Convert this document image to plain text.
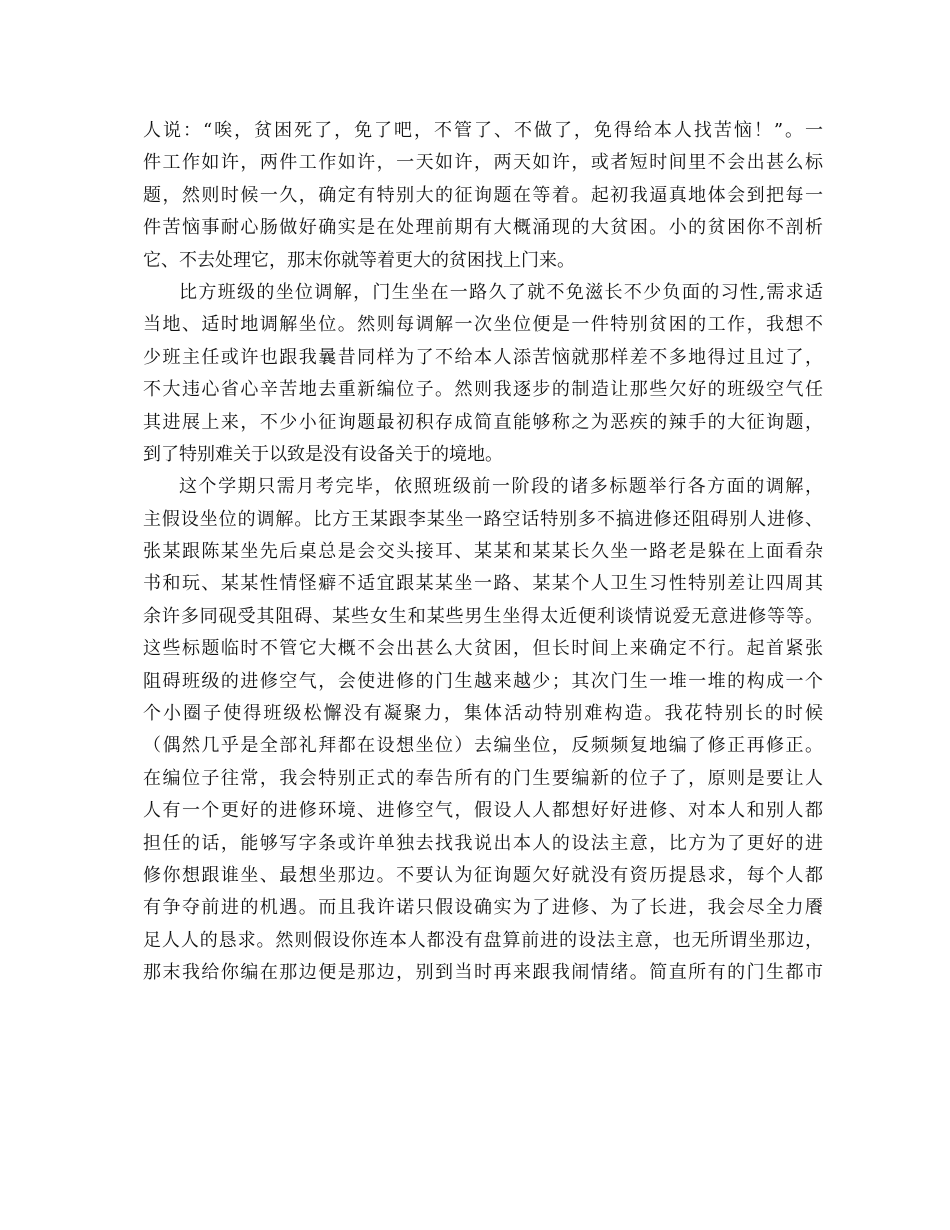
人说：“唉，贫困死了，免了吧，不管了、不做了，免得给本人找苦恼！”。一
件工作如许，两件工作如许，一天如许，两天如许，或者短时间里不会出甚么标
题，然则时候一久，确定有特别大的征询题在等着。起初我逼真地体会到把每一
件苦恼事耐心肠做好确实是在处理前期有大概涌现的大贫困。小的贫困你不剖析
它、不去处理它，那末你就等着更大的贫困找上门来。
比方班级的坐位调解，门生坐在一路久了就不免滋长不少负面的习性,需求适
当地、适时地调解坐位。然则每调解一次坐位便是一件特别贫困的工作，我想不
少班主任或许也跟我曩昔同样为了不给本人添苦恼就那样差不多地得过且过了，
不大违心省心辛苦地去重新编位子。然则我逐步的制造让那些欠好的班级空气任
其进展上来，不少小征询题最初积存成简直能够称之为恶疾的辣手的大征询题，
到了特别难关于以致是没有设备关于的境地。
这个学期只需月考完毕，依照班级前一阶段的诸多标题举行各方面的调解，
主假设坐位的调解。比方王某跟李某坐一路空话特别多不搞进修还阻碍别人进修、
张某跟陈某坐先后桌总是会交头接耳、某某和某某长久坐一路老是躲在上面看杂
书和玩、某某性情怪癖不适宜跟某某坐一路、某某个人卫生习性特别差让四周其
余许多同砚受其阻碍、某些女生和某些男生坐得太近便利谈情说爱无意进修等等。
这些标题临时不管它大概不会出甚么大贫困，但长时间上来确定不行。起首紧张
阻碍班级的进修空气，会使进修的门生越来越少；其次门生一堆一堆的构成一个
个小圈子使得班级松懈没有凝聚力，集体活动特别难构造。我花特别长的时候
（偶然几乎是全部礼拜都在设想坐位）去编坐位，反频频复地编了修正再修正。
在编位子往常，我会特别正式的奉告所有的门生要编新的位子了，原则是要让人
人有一个更好的进修环境、进修空气，假设人人都想好好进修、对本人和别人都
担任的话，能够写字条或许单独去找我说出本人的设法主意，比方为了更好的进
修你想跟谁坐、最想坐那边。不要认为征询题欠好就没有资历提恳求，每个人都
有争夺前进的机遇。而且我许诺只假设确实为了进修、为了长进，我会尽全力餍
足人人的恳求。然则假设你连本人都没有盘算前进的设法主意，也无所谓坐那边，
那末我给你编在那边便是那边，别到当时再来跟我闹情绪。简直所有的门生都市
